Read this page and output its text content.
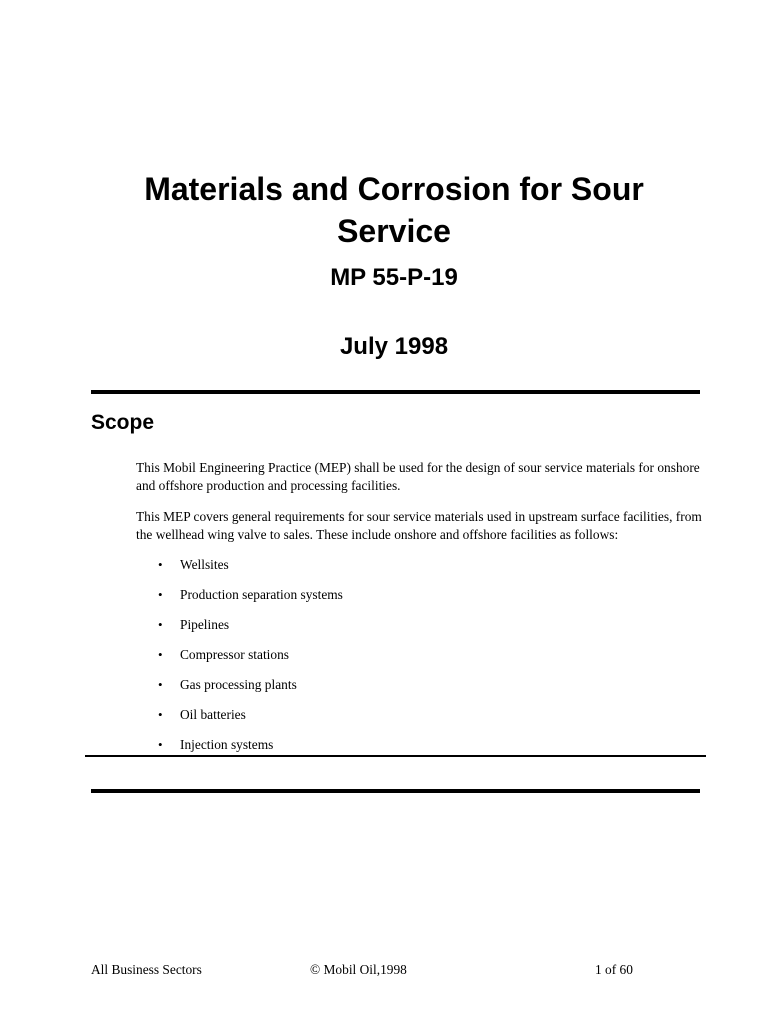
Materials and Corrosion for Sour Service
MP 55-P-19
July 1998
Scope

This Mobil Engineering Practice (MEP) shall be used for the design of sour service materials for onshore and offshore production and processing facilities.

This MEP covers general requirements for sour service materials used in upstream surface facilities, from the wellhead wing valve to sales. These include onshore and offshore facilities as follows:

• Wellsites
• Production separation systems
• Pipelines
• Compressor stations
• Gas processing plants
• Oil batteries
• Injection systems

All Business Sectors	© Mobil Oil,1998	1 of 60
